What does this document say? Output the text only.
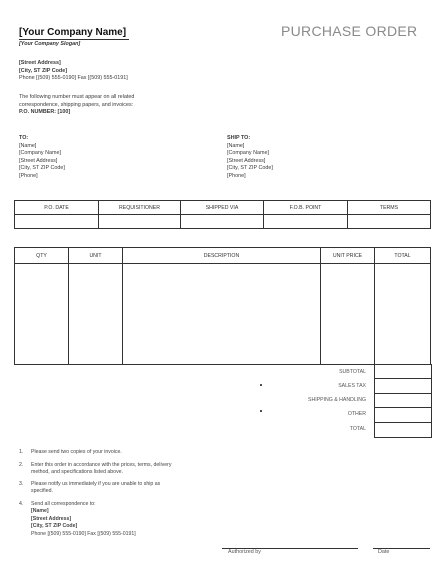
[Your Company Name]
[Your Company Slogan]
PURCHASE ORDER
[Street Address]
[City, ST ZIP Code]
Phone [(509) 555-0190] Fax [(509) 555-0191]
The following number must appear on all related
correspondence, shipping papers, and invoices:
P.O. NUMBER: [100]
TO:
[Name]
[Company Name]
[Street Address]
[City, ST ZIP Code]
[Phone]
SHIP TO:
[Name]
[Company Name]
[Street Address]
[City, ST ZIP Code]
[Phone]
P.O. DATE	REQUISITIONER	SHIPPED VIA	F.O.B. POINT	TERMS

QTY	UNIT	DESCRIPTION	UNIT PRICE	TOTAL

SUBTOTAL
SALES TAX
SHIPPING & HANDLING
OTHER
TOTAL
1. Please send two copies of your invoice.
2. Enter this order in accordance with the prices, terms, delivery
method, and specifications listed above.
3. Please notify us immediately if you are unable to ship as
specified.
4. Send all correspondence to:
[Name]
[Street Address]
[City, ST ZIP Code]
Phone [(509) 555-0190] Fax [(509) 555-0191]
Authorized by	Date
